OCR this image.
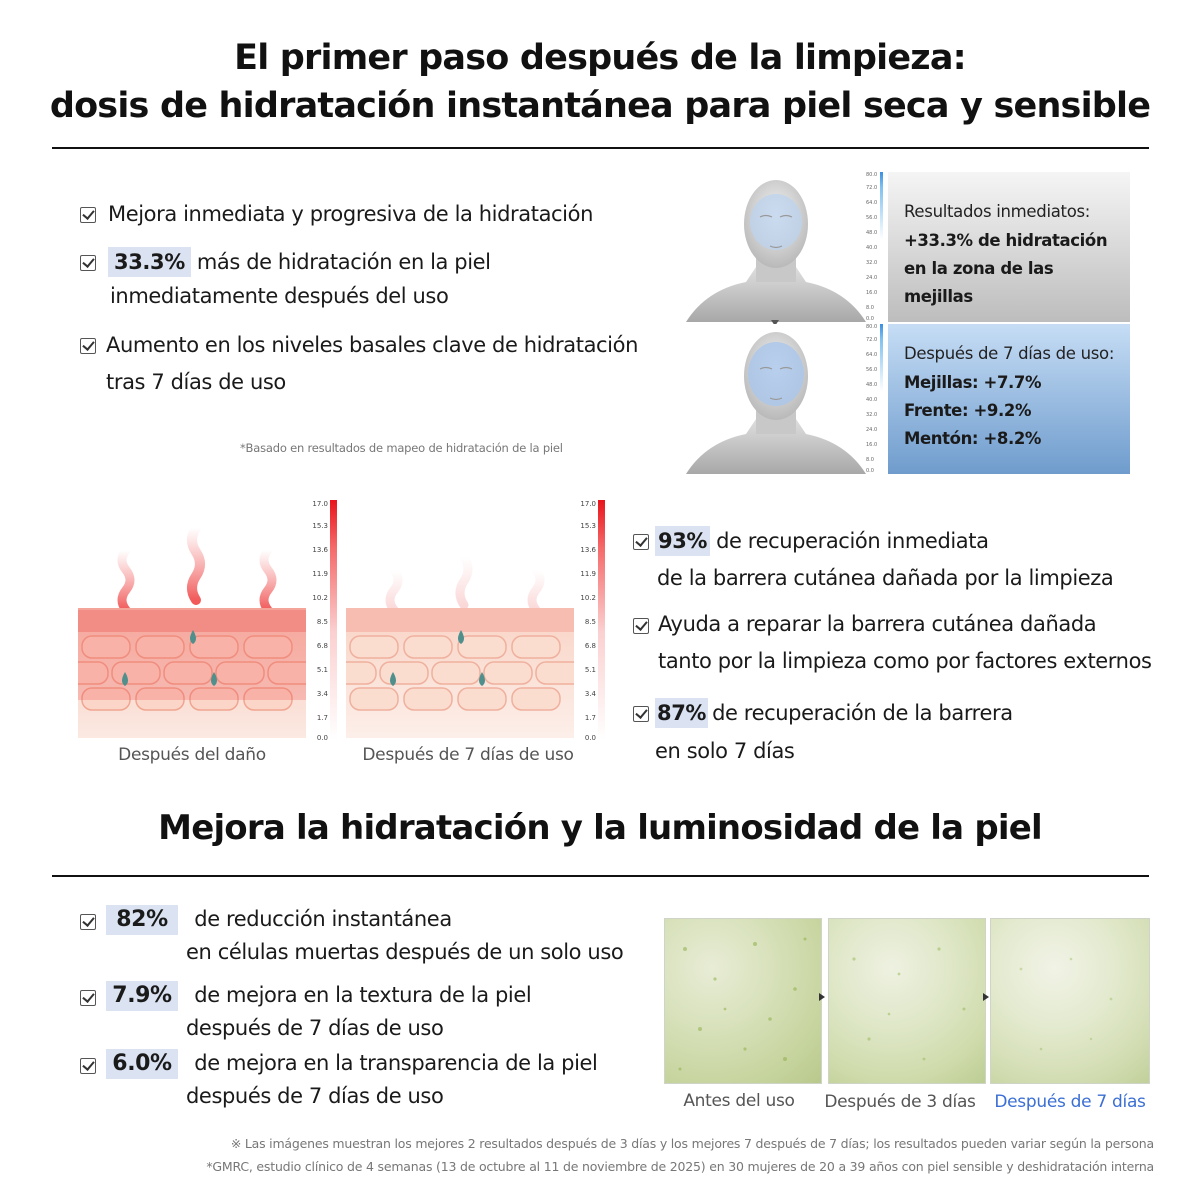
El primer paso después de la limpieza:
dosis de hidratación instantánea para piel seca y sensible
Mejora inmediata y progresiva de la hidratación
33.3% más de hidratación en la piel
inmediatamente después del uso
Aumento en los niveles basales clave de hidratación
tras 7 días de uso
*Basado en resultados de mapeo de hidratación de la piel
80.0
72.0
64.0
56.0
48.0
40.0
32.0
24.0
16.0
8.0
0.0
Resultados inmediatos:
+33.3% de hidratación
en la zona de las mejillas
80.0
72.0
64.0
56.0
48.0
40.0
32.0
24.0
16.0
8.0
0.0
Después de 7 días de uso:
Mejillas: +7.7%
Frente: +9.2%
Mentón: +8.2%
Después del daño
17.0
15.3
13.6
11.9
10.2
8.5
6.8
5.1
3.4
1.7
0.0
Después de 7 días de uso
17.0
15.3
13.6
11.9
10.2
8.5
6.8
5.1
3.4
1.7
0.0
93% de recuperación inmediata
de la barrera cutánea dañada por la limpieza
Ayuda a reparar la barrera cutánea dañada
tanto por la limpieza como por factores externos
87% de recuperación de la barrera
en solo 7 días
Mejora la hidratación y la luminosidad de la piel
82% de reducción instantánea
en células muertas después de un solo uso
7.9% de mejora en la textura de la piel
después de 7 días de uso
6.0% de mejora en la transparencia de la piel
después de 7 días de uso	Antes del uso	Después de 3 días Después de 7 días
※ Las imágenes muestran los mejores 2 resultados después de 3 días y los mejores 7 después de 7 días; los resultados pueden variar según la persona
*GMRC, estudio clínico de 4 semanas (13 de octubre al 11 de noviembre de 2025) en 30 mujeres de 20 a 39 años con piel sensible y deshidratación interna
